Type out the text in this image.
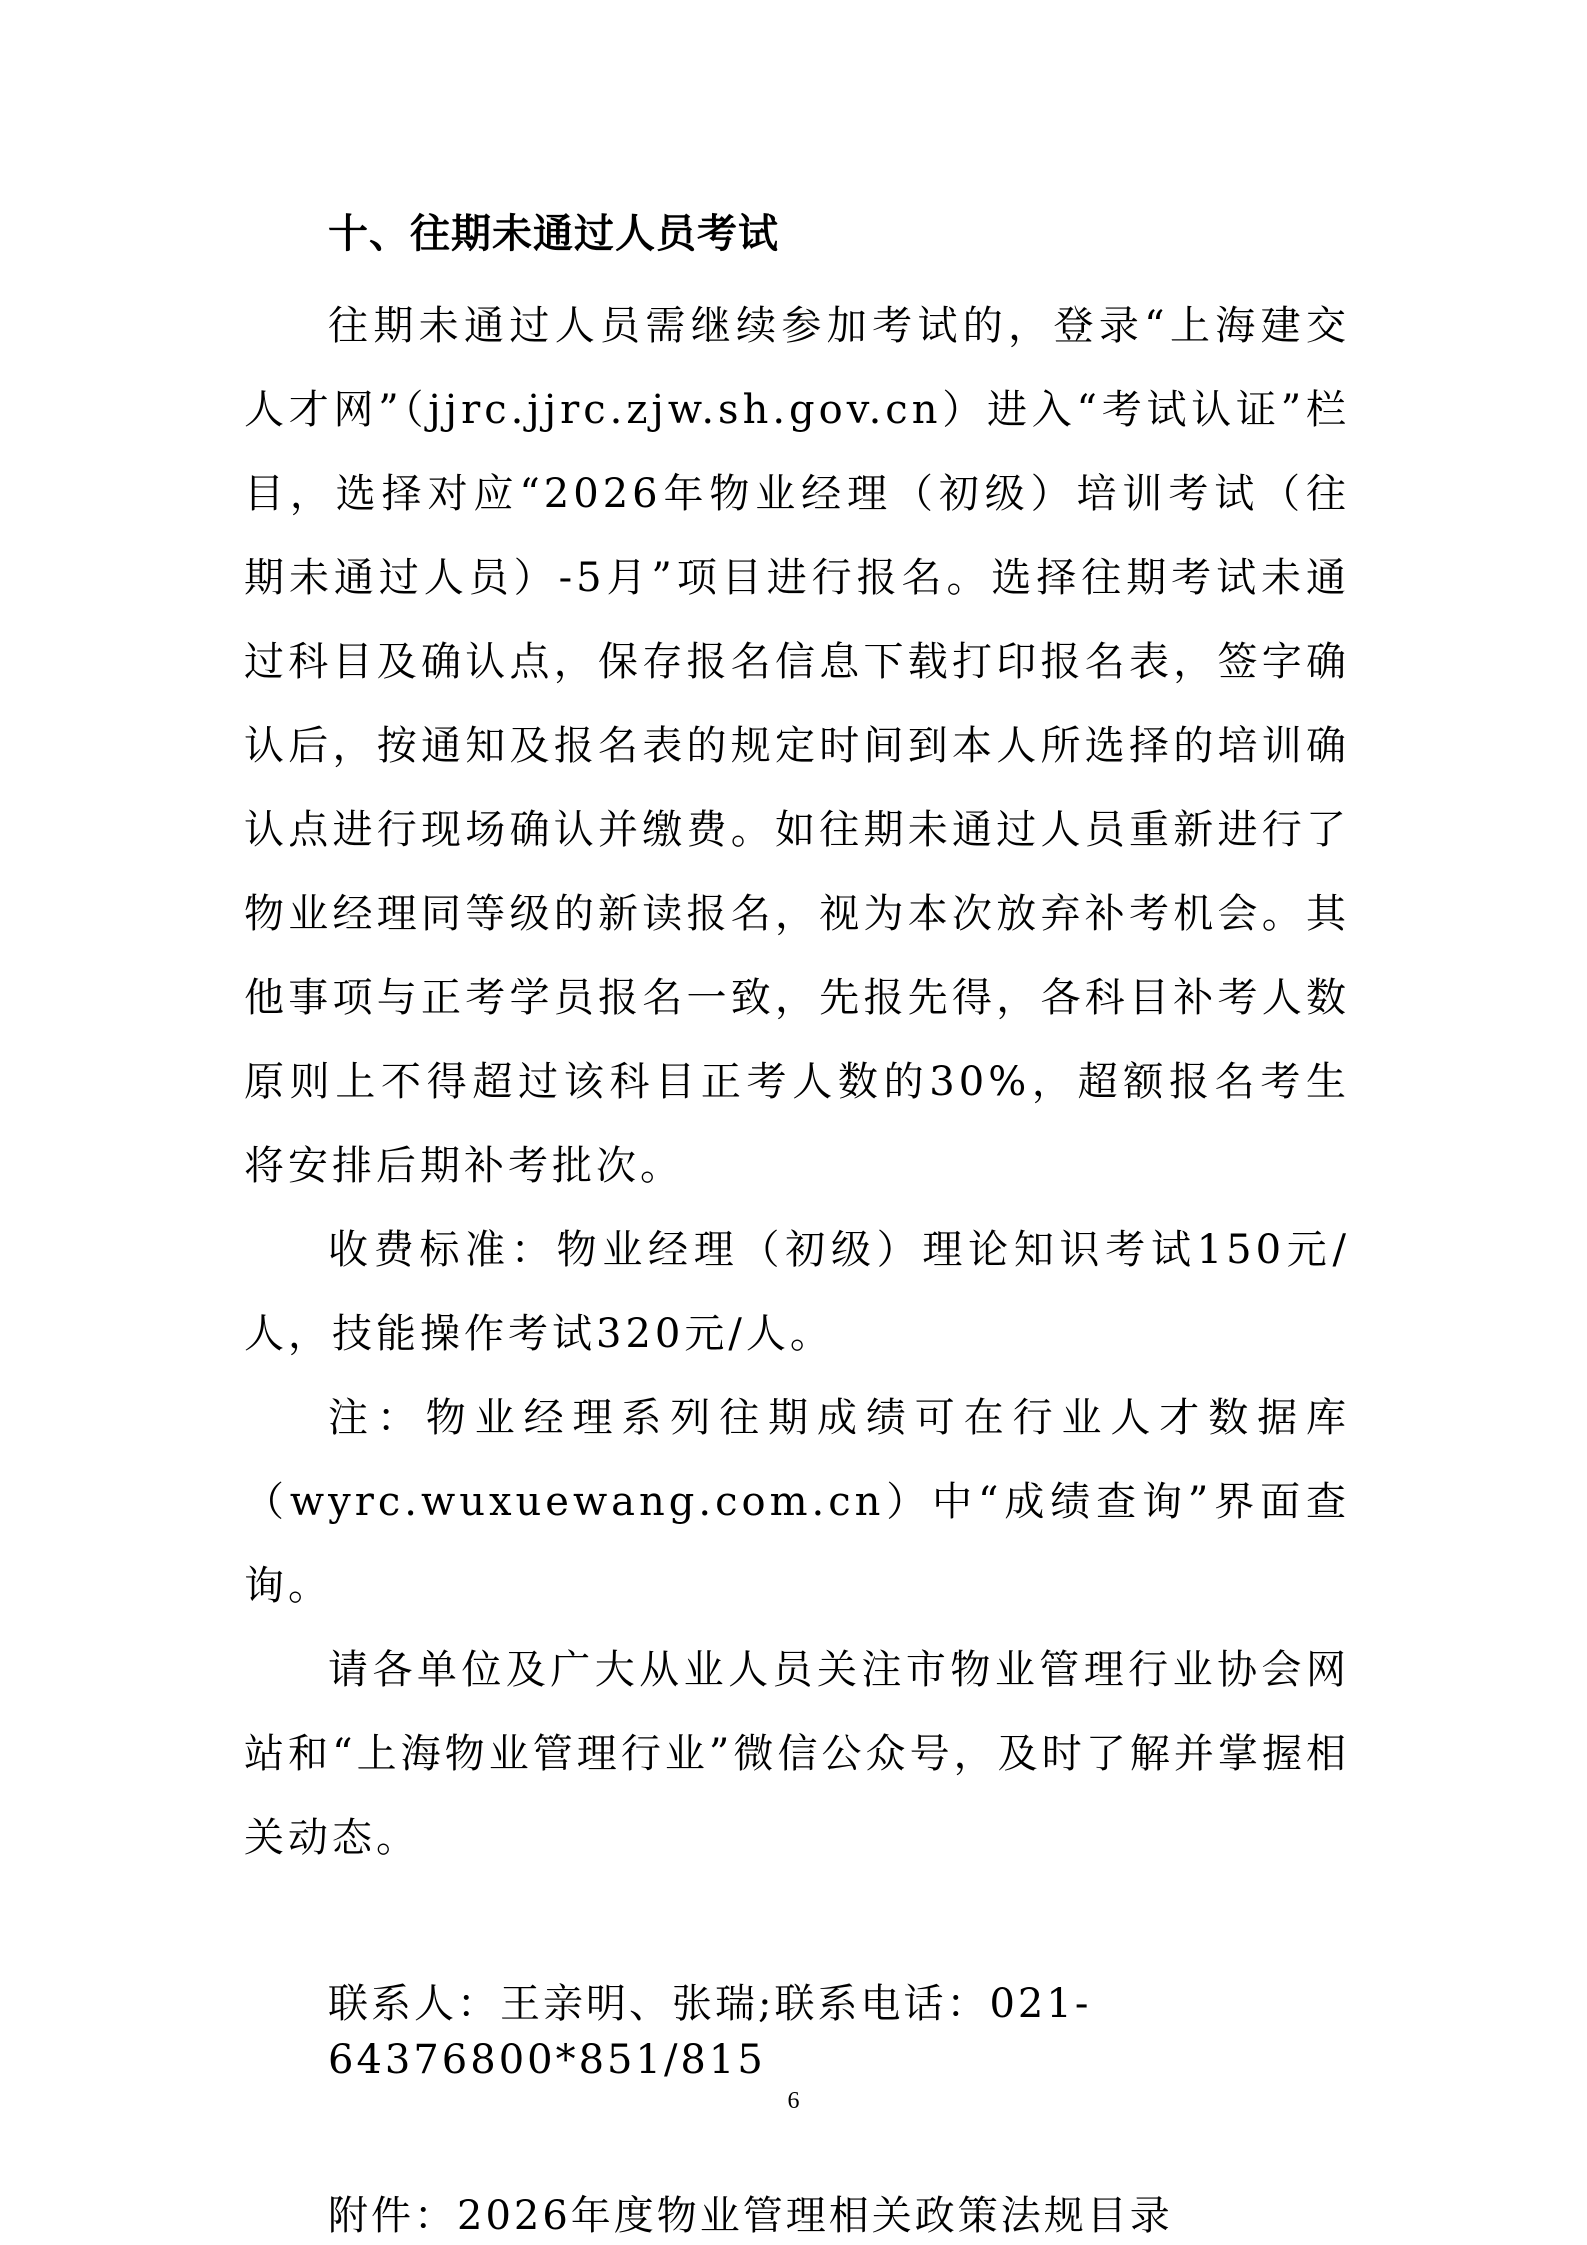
十、往期未通过人员考试

往期未通过人员需继续参加考试的，登录“上海建交人才网”（jjrc.jjrc.zjw.sh.gov.cn）进入“考试认证”栏目，选择对应“2026年物业经理（初级）培训考试（往期未通过人员）-5月”项目进行报名。选择往期考试未通过科目及确认点，保存报名信息下载打印报名表，签字确认后，按通知及报名表的规定时间到本人所选择的培训确认点进行现场确认并缴费。如往期未通过人员重新进行了物业经理同等级的新读报名，视为本次放弃补考机会。其他事项与正考学员报名一致，先报先得，各科目补考人数原则上不得超过该科目正考人数的30%，超额报名考生将安排后期补考批次。

收费标准：物业经理（初级）理论知识考试150元/人，技能操作考试320元/人。

注：物业经理系列往期成绩可在行业人才数据库（wyrc.wuxuewang.com.cn）中“成绩查询”界面查询。

请各单位及广大从业人员关注市物业管理行业协会网站和“上海物业管理行业”微信公众号，及时了解并掌握相关动态。

联系人：王亲明、张瑞;联系电话：021-64376800*851/815

附件：2026年度物业管理相关政策法规目录

6
